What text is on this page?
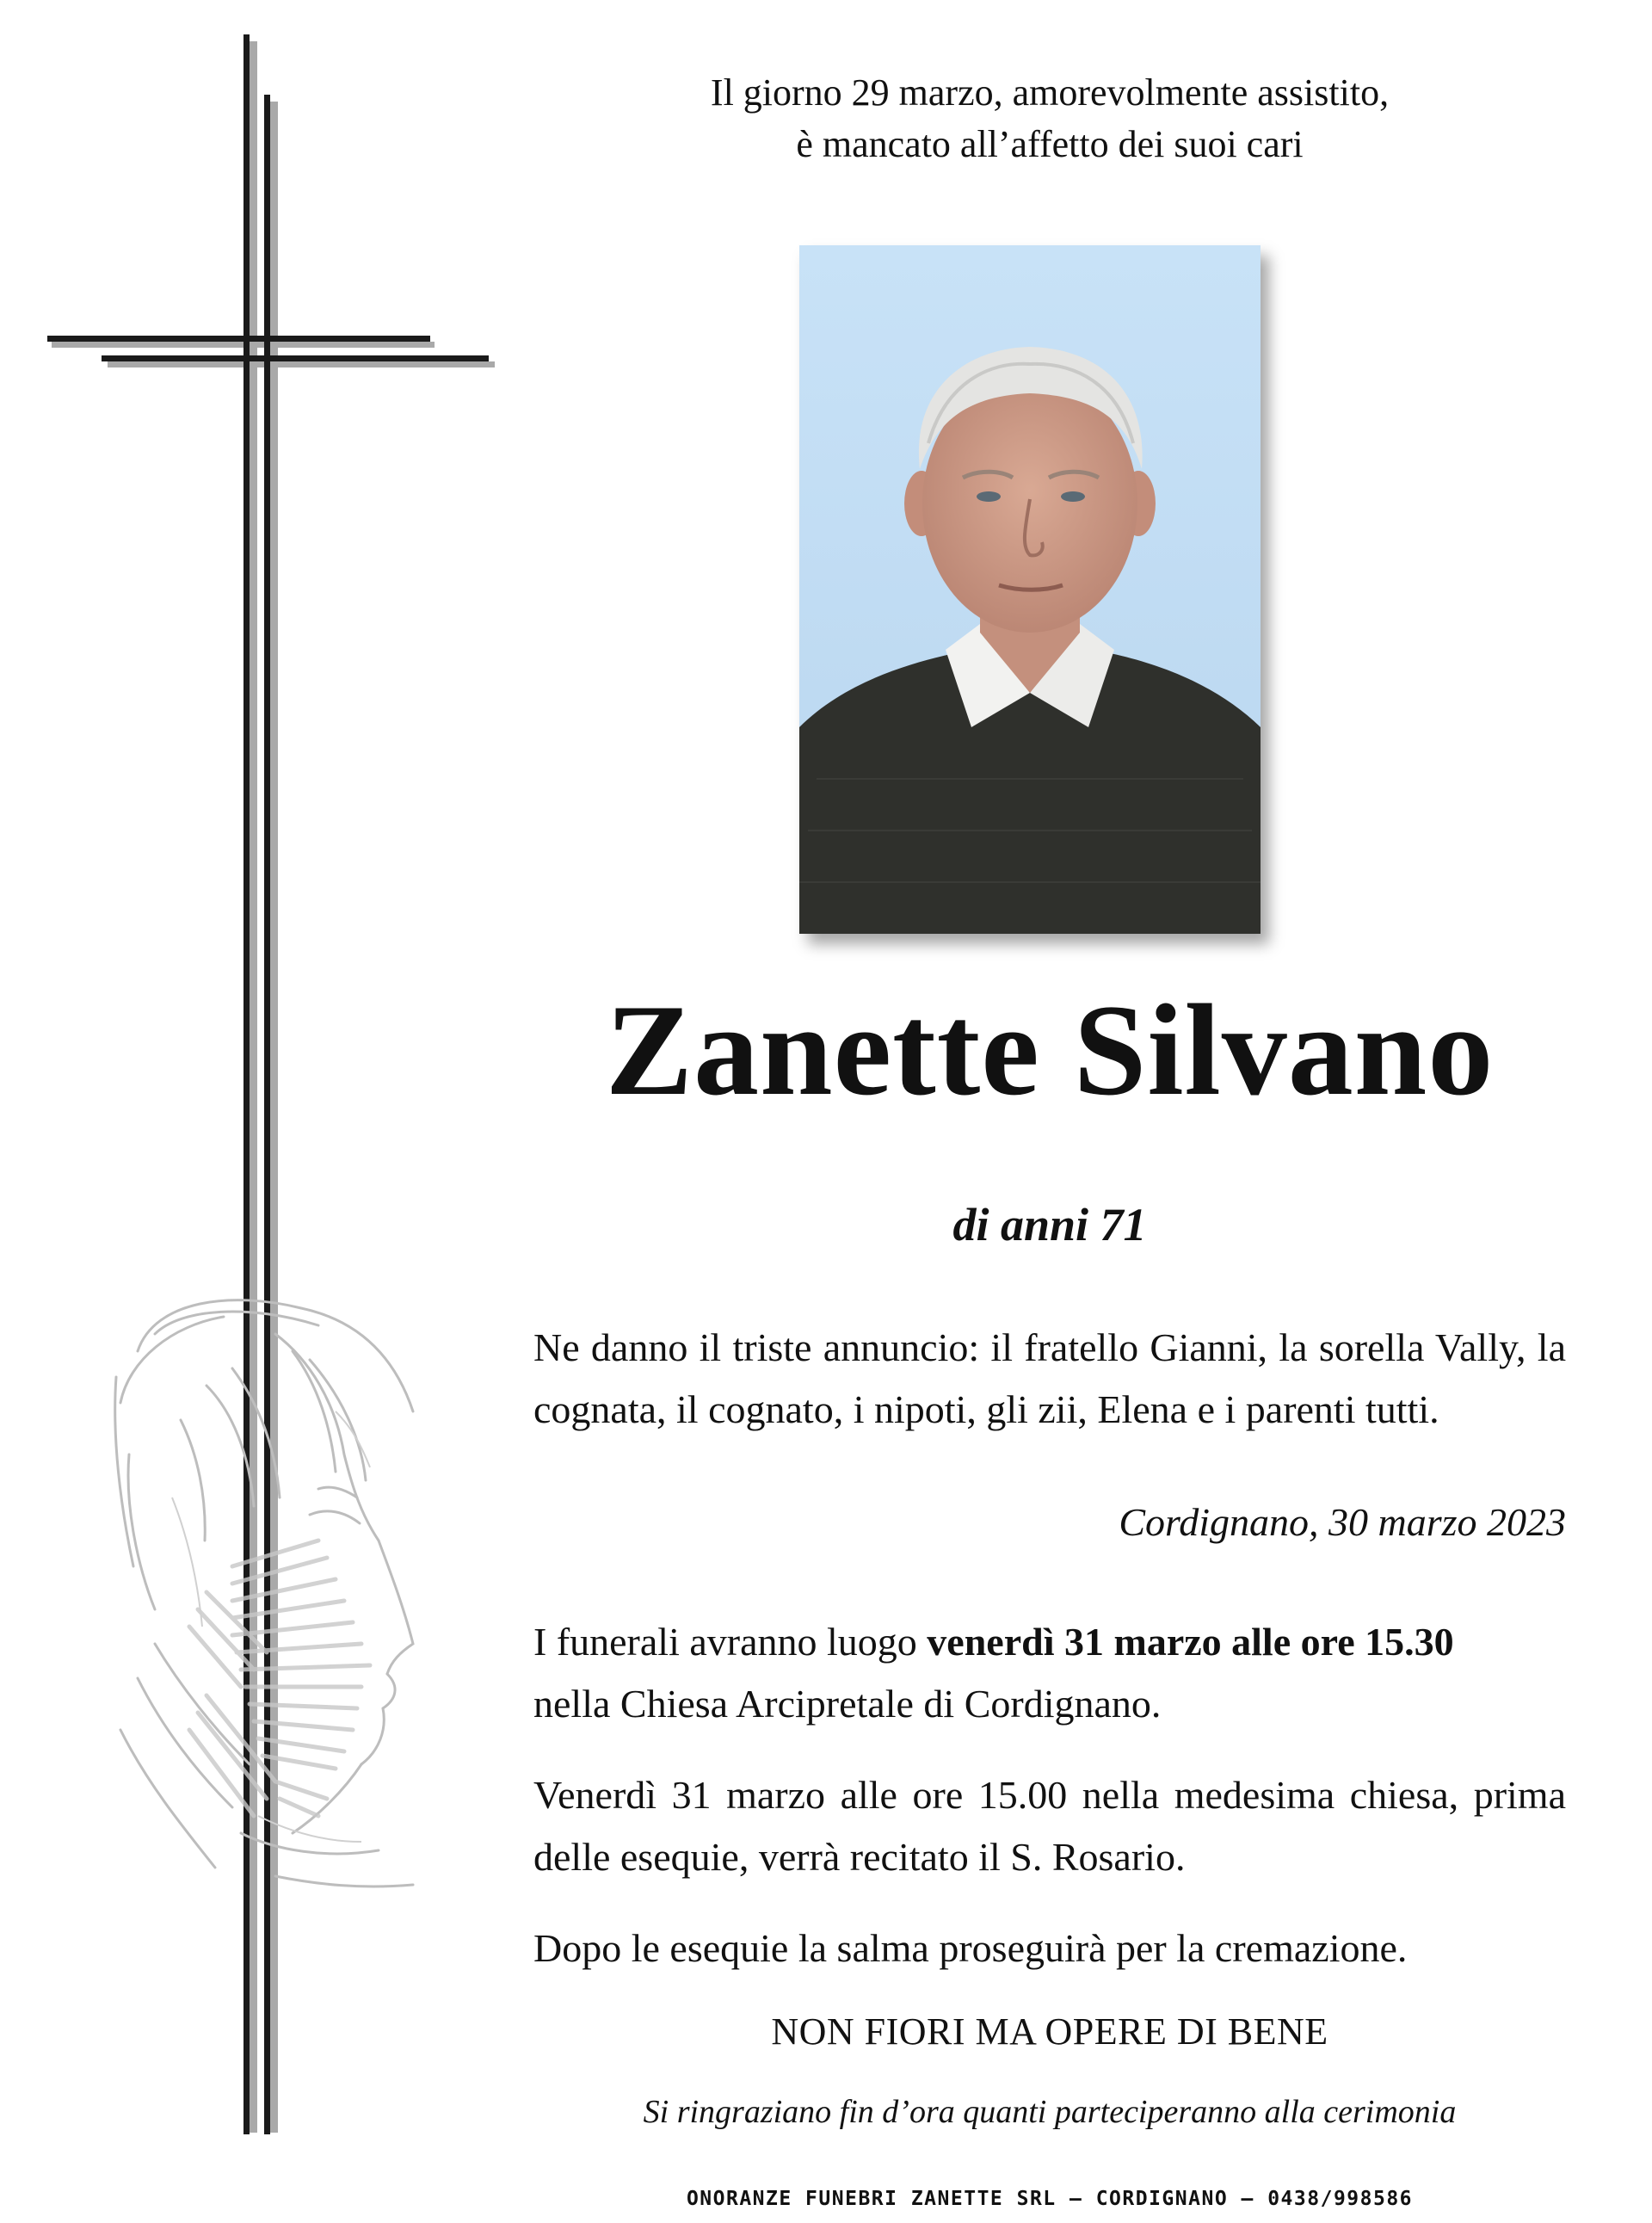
Il giorno 29 marzo, amorevolmente assistito,
è mancato all’affetto dei suoi cari
Zanette Silvano
di anni 71
Ne danno il triste annuncio: il fratello Gianni, la sorella Vally, la cognata, il cognato, i nipoti, gli zii, Elena e i parenti tutti.
Cordignano, 30 marzo 2023
I funerali avranno luogo venerdì 31 marzo alle ore 15.30
nella Chiesa Arcipretale di Cordignano.
Venerdì 31 marzo alle ore 15.00 nella medesima chiesa, prima delle esequie, verrà recitato il S. Rosario.
Dopo le esequie la salma proseguirà per la cremazione.
NON FIORI MA OPERE DI BENE
Si ringraziano fin d’ora quanti parteciperanno alla cerimonia
ONORANZE FUNEBRI ZANETTE SRL – CORDIGNANO – 0438/998586
